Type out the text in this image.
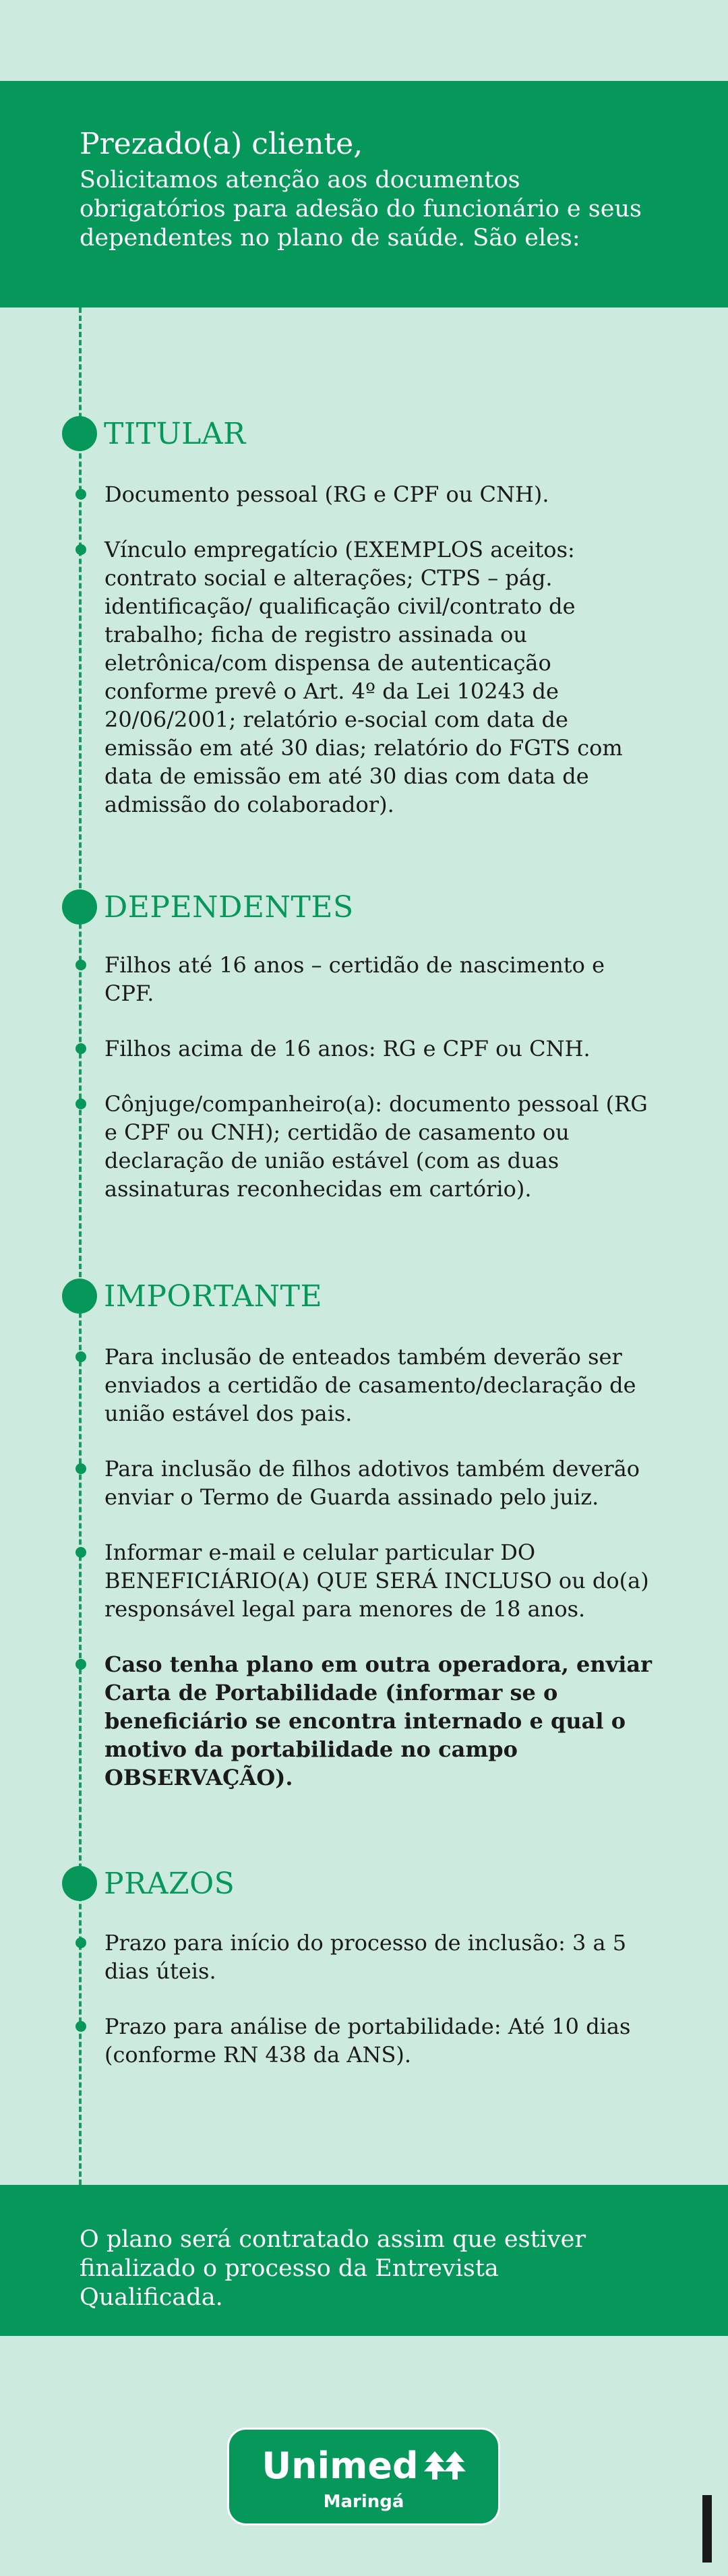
Prezado(a) cliente,
Solicitamos atenção aos documentos obrigatórios para adesão do funcionário e seus dependentes no plano de saúde. São eles:
TITULAR
Documento pessoal (RG e CPF ou CNH).
Vínculo empregatício (EXEMPLOS aceitos: contrato social e alterações; CTPS – pág. identificação/ qualificação civil/contrato de trabalho; ficha de registro assinada ou eletrônica/com dispensa de autenticação conforme prevê o Art. 4º da Lei 10243 de 20/06/2001; relatório e-social com data de emissão em até 30 dias; relatório do FGTS com data de emissão em até 30 dias com data de admissão do colaborador).
DEPENDENTES
Filhos até 16 anos – certidão de nascimento e CPF.
Filhos acima de 16 anos: RG e CPF ou CNH.
Cônjuge/companheiro(a): documento pessoal (RG e CPF ou CNH); certidão de casamento ou declaração de união estável (com as duas assinaturas reconhecidas em cartório).
IMPORTANTE
Para inclusão de enteados também deverão ser enviados a certidão de casamento/declaração de união estável dos pais.
Para inclusão de filhos adotivos também deverão enviar o Termo de Guarda assinado pelo juiz.
Informar e-mail e celular particular DO BENEFICIÁRIO(A) QUE SERÁ INCLUSO ou do(a) responsável legal para menores de 18 anos.
Caso tenha plano em outra operadora, enviar Carta de Portabilidade (informar se o beneficiário se encontra internado e qual o motivo da portabilidade no campo OBSERVAÇÃO).
PRAZOS
Prazo para início do processo de inclusão: 3 a 5 dias úteis.
Prazo para análise de portabilidade: Até 10 dias (conforme RN 438 da ANS).
O plano será contratado assim que estiver finalizado o processo da Entrevista Qualificada.
Unimed
Maringá
